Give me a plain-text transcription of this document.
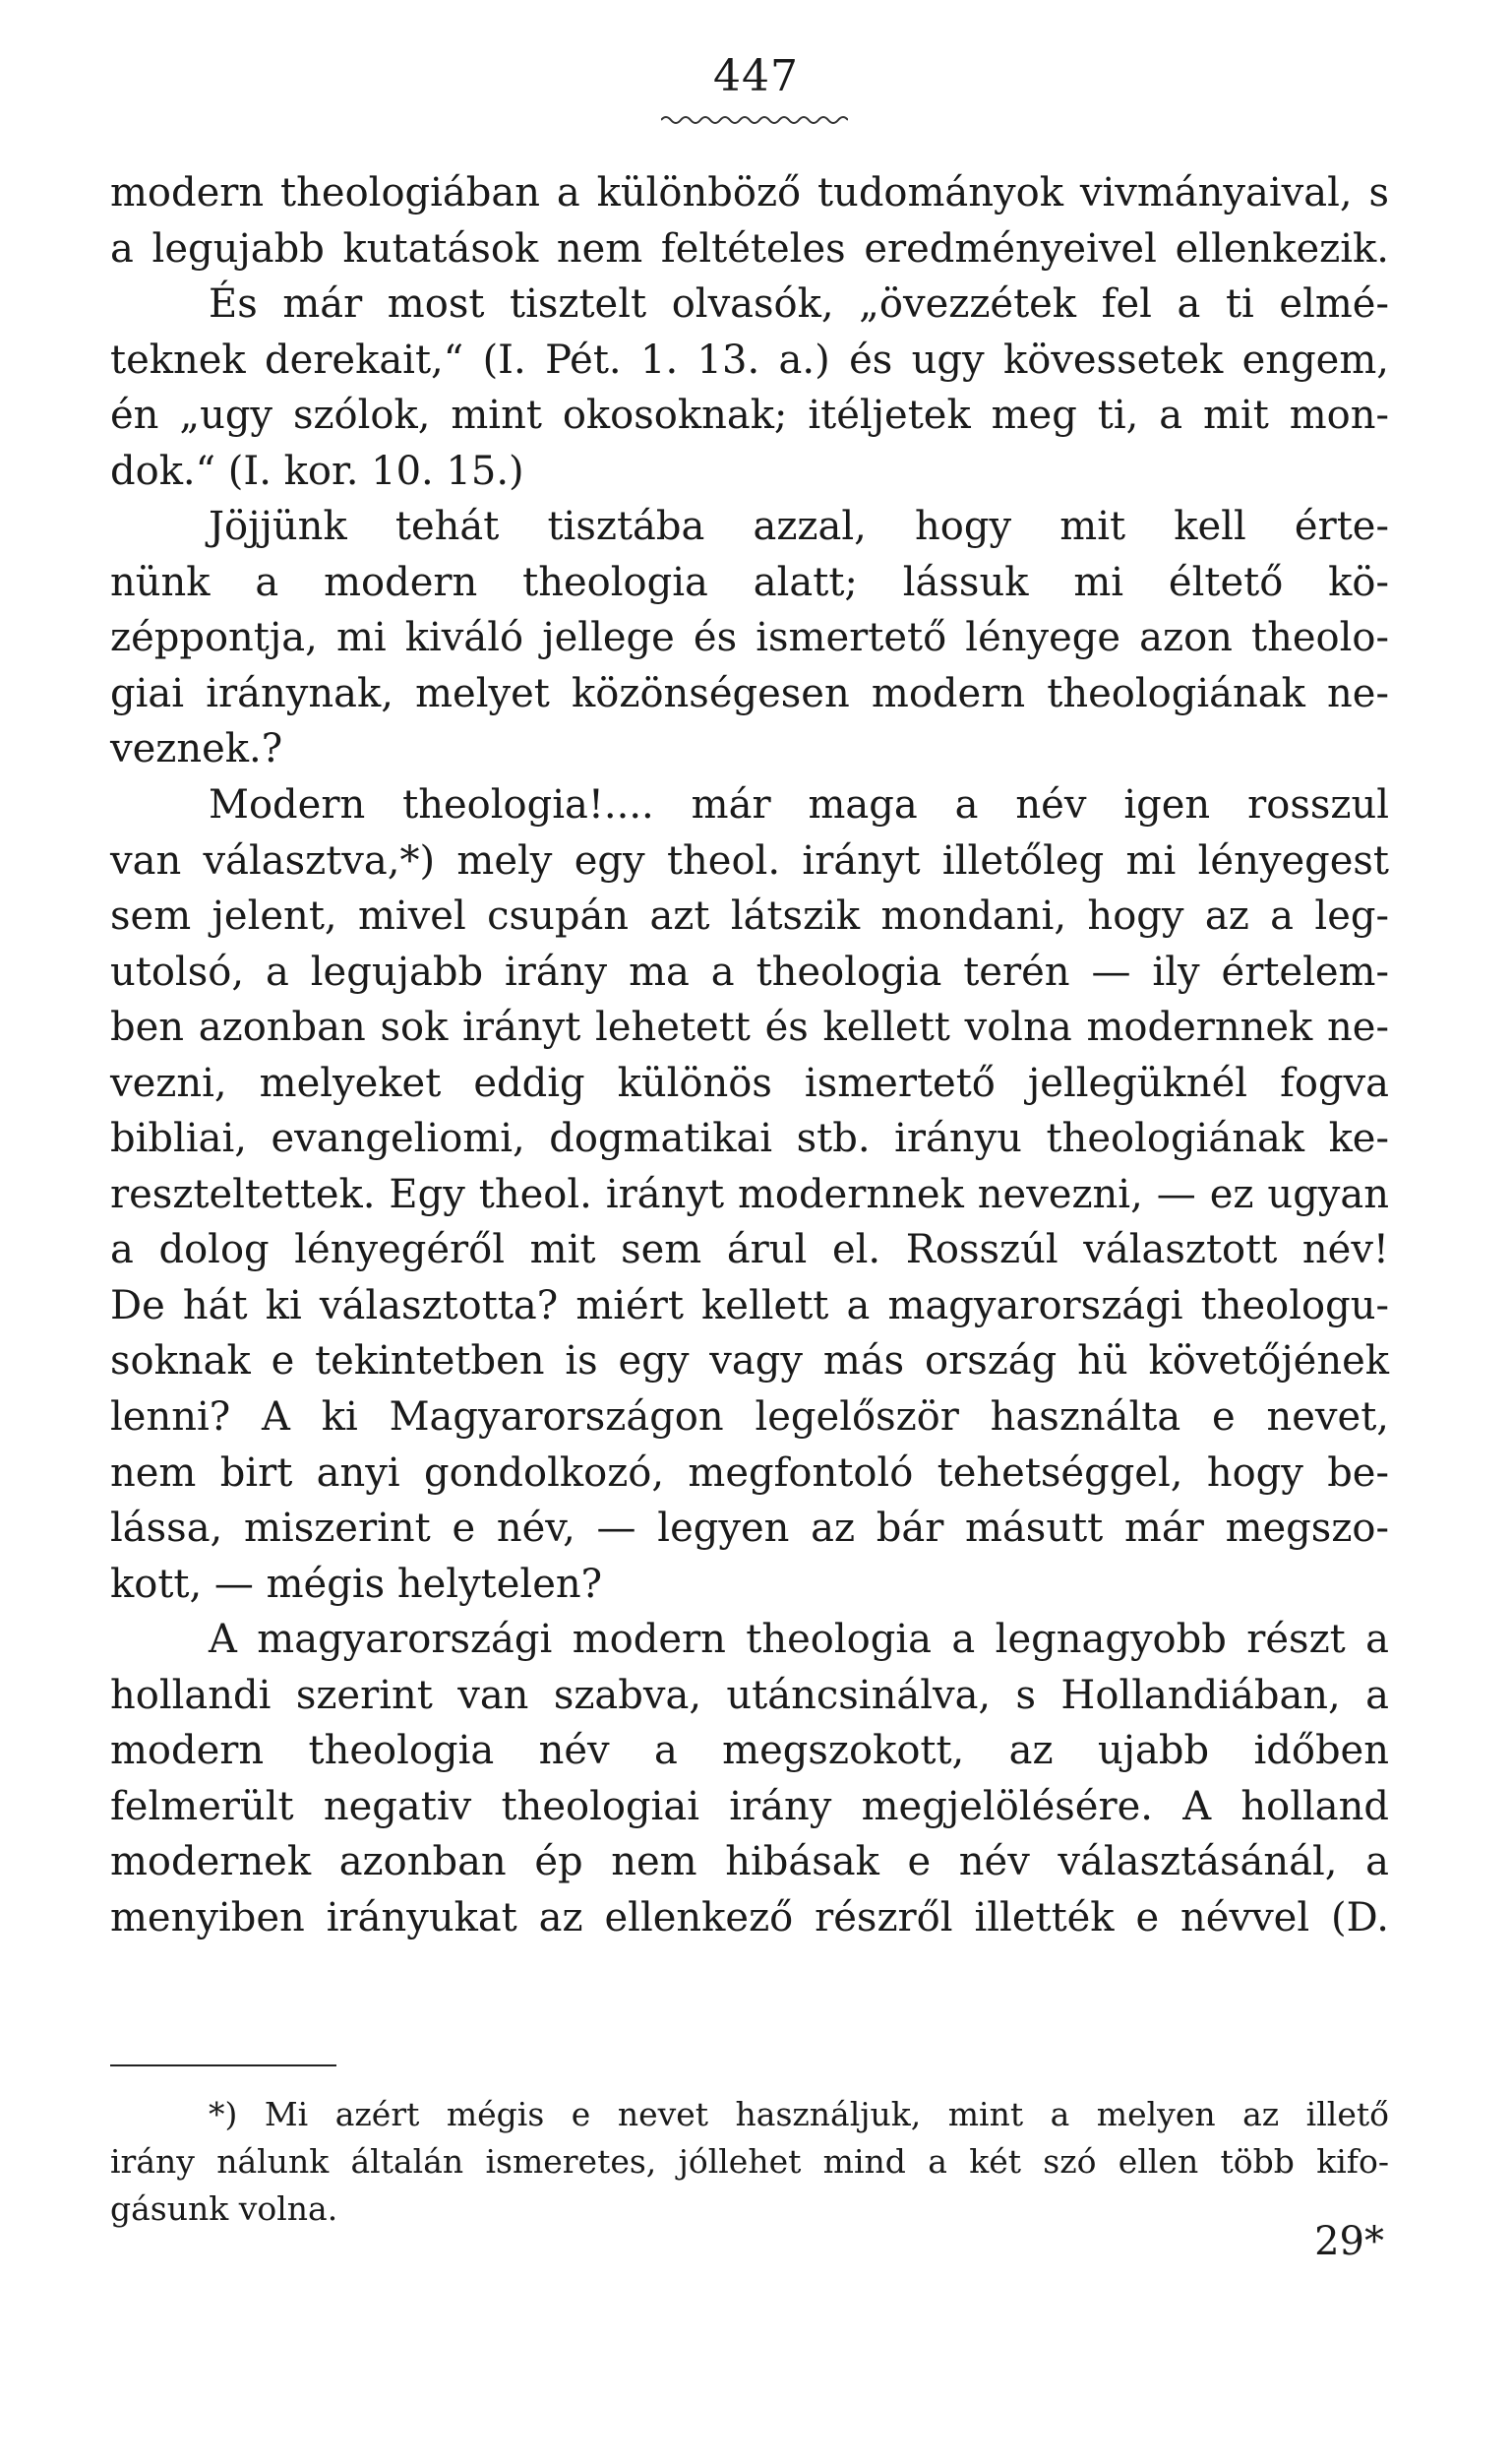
447
modern theologiában a különböző tudományok vivmányaival, s
a legujabb kutatások nem feltételes eredményeivel ellenkezik.
És már most tisztelt olvasók, „övezzétek fel a ti elmé-
teknek derekait,“ (I. Pét. 1. 13. a.) és ugy kövessetek engem,
én „ugy szólok, mint okosoknak; itéljetek meg ti, a mit mon-
dok.“ (I. kor. 10. 15.)
Jöjjünk tehát tisztába azzal, hogy mit kell érte-
nünk a modern theologia alatt; lássuk mi éltető kö-
zéppontja, mi kiváló jellege és ismertető lényege azon theolo-
giai iránynak, melyet közönségesen modern theologiának ne-
veznek.?
Modern theologia!.... már maga a név igen rosszul
van választva,*) mely egy theol. irányt illetőleg mi lényegest
sem jelent, mivel csupán azt látszik mondani, hogy az a leg-
utolsó, a legujabb irány ma a theologia terén — ily értelem-
ben azonban sok irányt lehetett és kellett volna modernnek ne-
vezni, melyeket eddig különös ismertető jellegüknél fogva
bibliai, evangeliomi, dogmatikai stb. irányu theologiának ke-
reszteltettek. Egy theol. irányt modernnek nevezni, — ez ugyan
a dolog lényegéről mit sem árul el. Rosszúl választott név!
De hát ki választotta? miért kellett a magyarországi theologu-
soknak e tekintetben is egy vagy más ország hü követőjének
lenni? A ki Magyarországon legelőször használta e nevet,
nem birt anyi gondolkozó, megfontoló tehetséggel, hogy be-
lássa, miszerint e név, — legyen az bár másutt már megszo-
kott, — mégis helytelen?
A magyarországi modern theologia a legnagyobb részt a
hollandi szerint van szabva, utáncsinálva, s Hollandiában, a
modern theologia név a megszokott, az ujabb időben
felmerült negativ theologiai irány megjelölésére. A holland
modernek azonban ép nem hibásak e név választásánál, a
menyiben irányukat az ellenkező részről illették e névvel (D.
*) Mi azért mégis e nevet használjuk, mint a melyen az illető
irány nálunk általán ismeretes, jóllehet mind a két szó ellen több kifo-
gásunk volna.
29*
